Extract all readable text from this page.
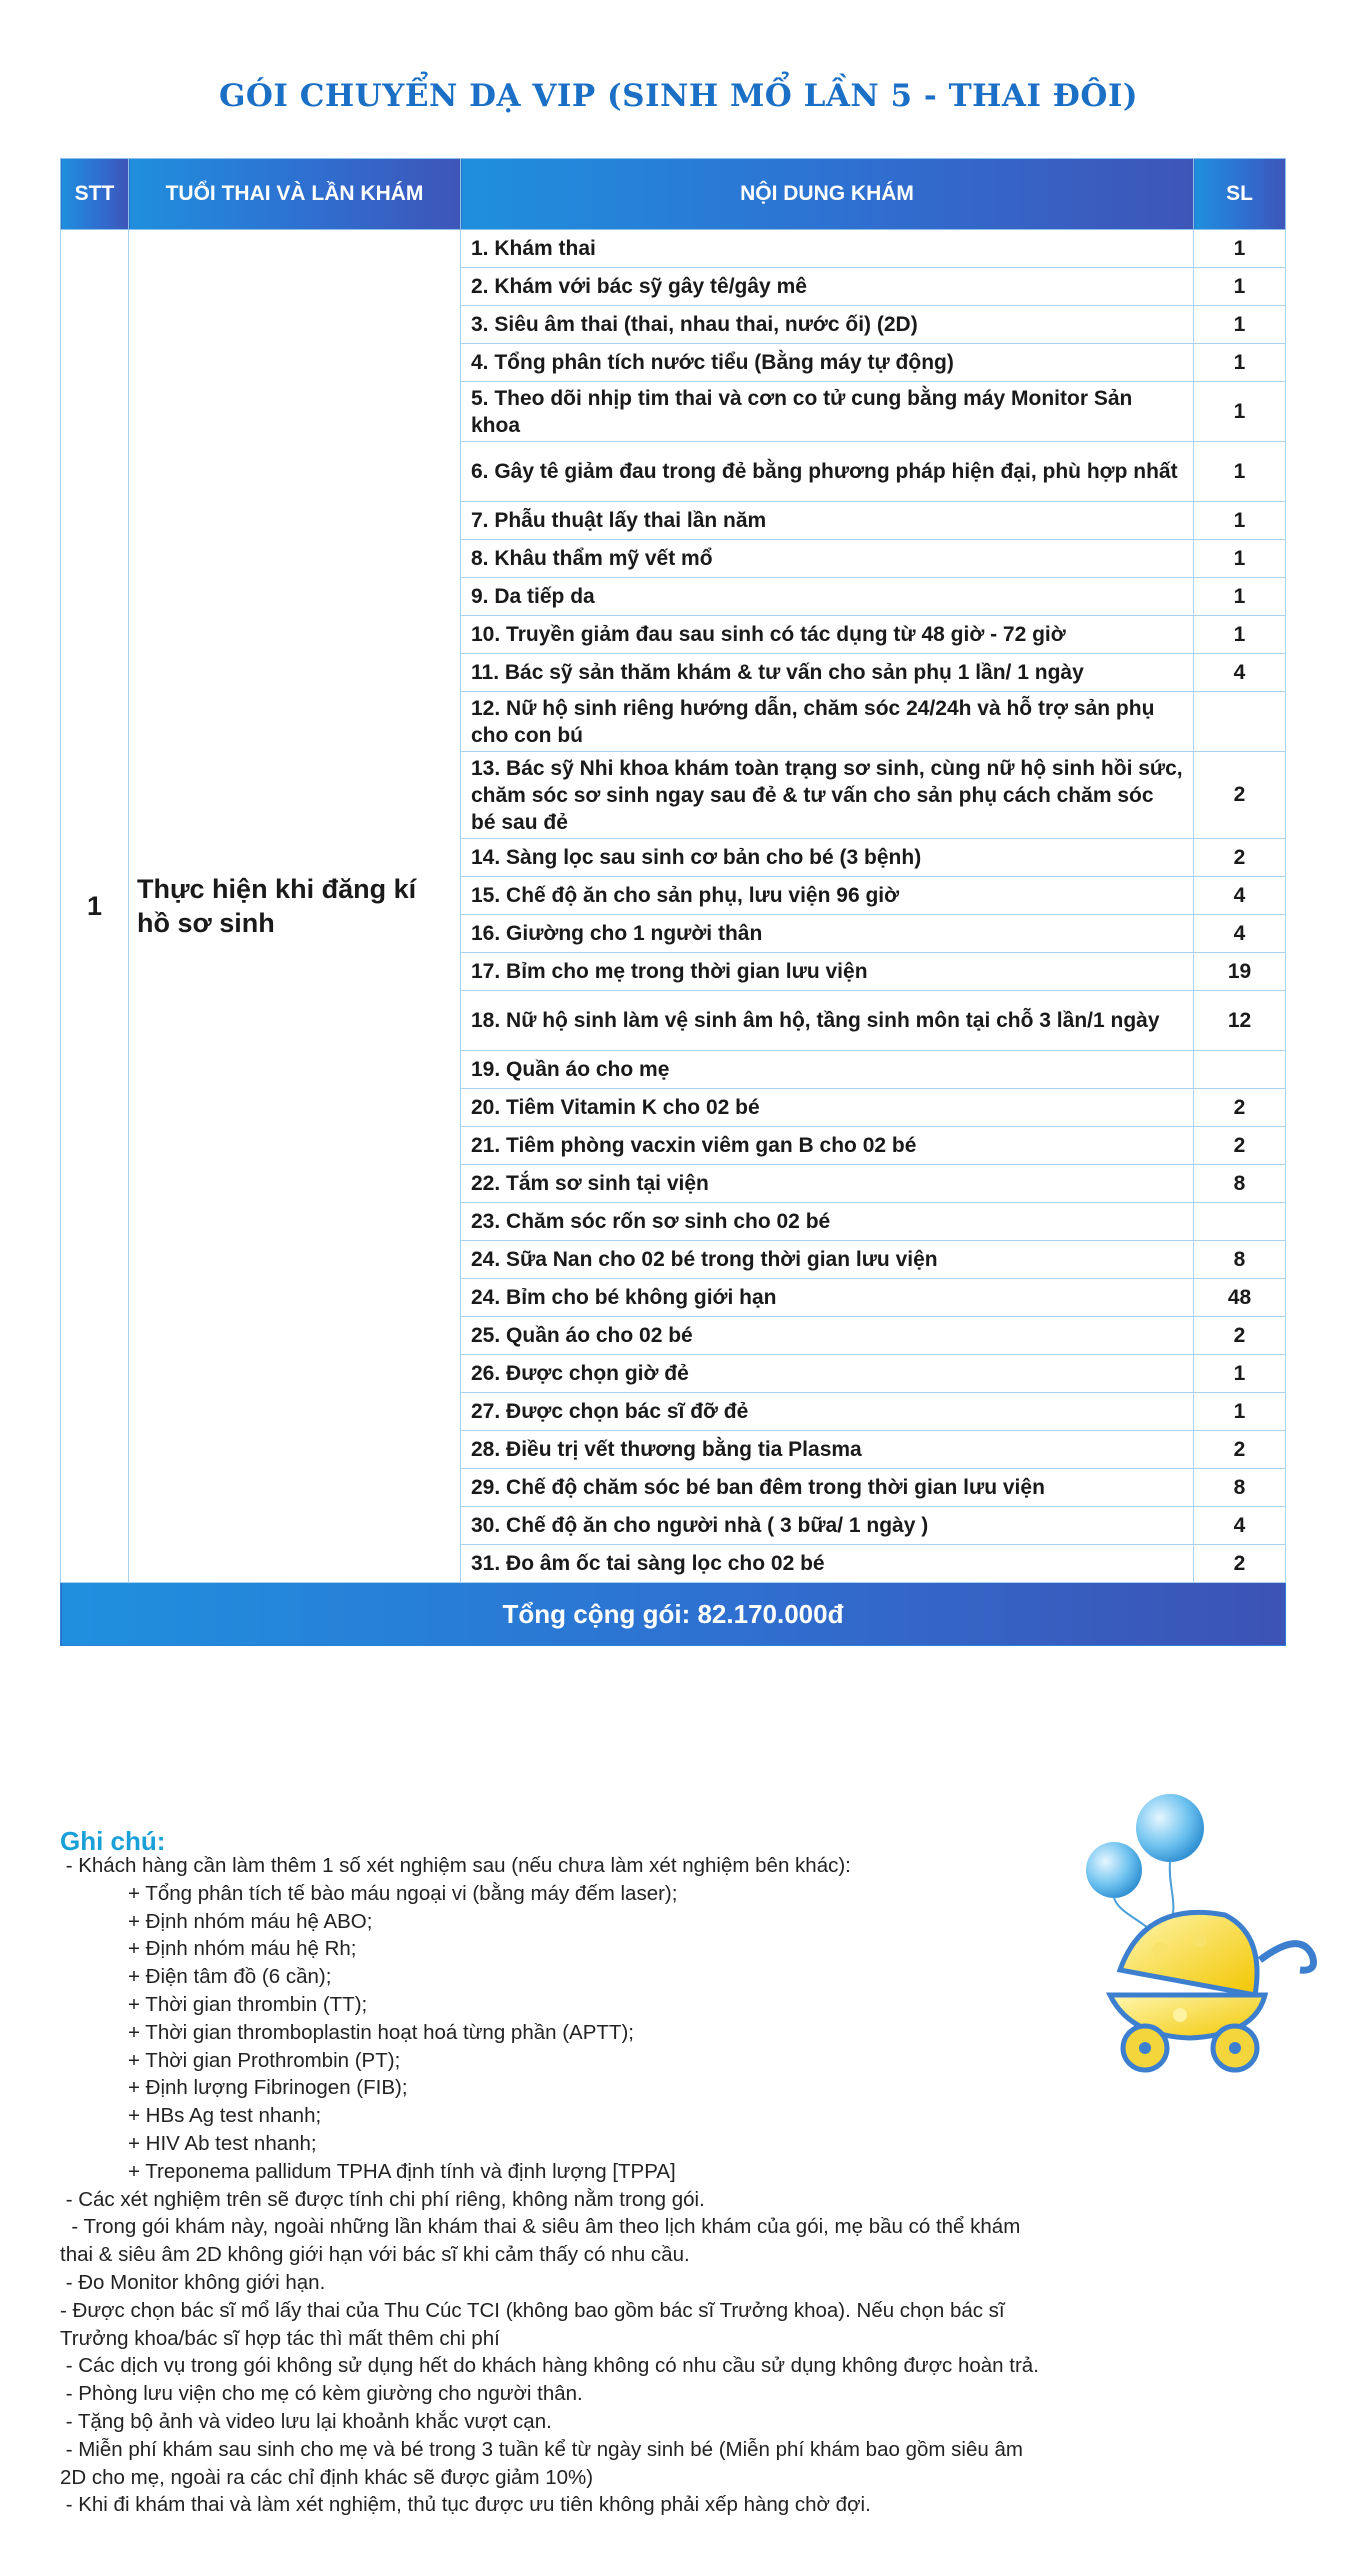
GÓI CHUYỂN DẠ VIP (SINH MỔ LẦN 5 - THAI ĐÔI)
STT	TUỔI THAI VÀ LẦN KHÁM	NỘI DUNG KHÁM	SL
1	Thực hiện khi đăng kí hồ sơ sinh	1. Khám thai	1
		2. Khám với bác sỹ gây tê/gây mê	1
		3. Siêu âm thai (thai, nhau thai, nước ối) (2D)	1
		4. Tổng phân tích nước tiểu (Bằng máy tự động)	1
		5. Theo dõi nhịp tim thai và cơn co tử cung bằng máy Monitor Sản khoa	1
		6. Gây tê giảm đau trong đẻ bằng phương pháp hiện đại, phù hợp nhất	1
		7. Phẫu thuật lấy thai lần năm	1
		8. Khâu thẩm mỹ vết mổ	1
		9. Da tiếp da	1
		10. Truyền giảm đau sau sinh có tác dụng từ 48 giờ - 72 giờ	1
		11. Bác sỹ sản thăm khám & tư vấn cho sản phụ 1 lần/ 1 ngày	4
		12. Nữ hộ sinh riêng hướng dẫn, chăm sóc 24/24h và hỗ trợ sản phụ cho con bú	
		13. Bác sỹ Nhi khoa khám toàn trạng sơ sinh, cùng nữ hộ sinh hồi sức, chăm sóc sơ sinh ngay sau đẻ & tư vấn cho sản phụ cách chăm sóc bé sau đẻ	2
		14. Sàng lọc sau sinh cơ bản cho bé (3 bệnh)	2
		15. Chế độ ăn cho sản phụ, lưu viện 96 giờ	4
		16. Giường cho 1 người thân	4
		17. Bỉm cho mẹ trong thời gian lưu viện	19
		18. Nữ hộ sinh làm vệ sinh âm hộ, tầng sinh môn tại chỗ 3 lần/1 ngày	12
		19. Quần áo cho mẹ	
		20. Tiêm Vitamin K cho 02 bé	2
		21. Tiêm phòng vacxin viêm gan B cho 02 bé	2
		22. Tắm sơ sinh tại viện	8
		23. Chăm sóc rốn sơ sinh cho 02 bé	
		24. Sữa Nan cho 02 bé trong thời gian lưu viện	8
		24. Bỉm cho bé không giới hạn	48
		25. Quần áo cho 02 bé	2
		26. Được chọn giờ đẻ	1
		27. Được chọn bác sĩ đỡ đẻ	1
		28. Điều trị vết thương bằng tia Plasma	2
		29. Chế độ chăm sóc bé ban đêm trong thời gian lưu viện	8
		30. Chế độ ăn cho người nhà ( 3 bữa/ 1 ngày )	4
		31. Đo âm ốc tai sàng lọc cho 02 bé	2
Tổng cộng gói: 82.170.000đ			
Ghi chú:
- Khách hàng cần làm thêm 1 số xét nghiệm sau (nếu chưa làm xét nghiệm bên khác):
+ Tổng phân tích tế bào máu ngoại vi (bằng máy đếm laser);
+ Định nhóm máu hệ ABO;
+ Định nhóm máu hệ Rh;
+ Điện tâm đồ (6 cần);
+ Thời gian thrombin (TT);
+ Thời gian thromboplastin hoạt hoá từng phần (APTT);
+ Thời gian Prothrombin (PT);
+ Định lượng Fibrinogen (FIB);
+ HBs Ag test nhanh;
+ HIV Ab test nhanh;
+ Treponema pallidum TPHA định tính và định lượng [TPPA]
- Các xét nghiệm trên sẽ được tính chi phí riêng, không nằm trong gói.
- Trong gói khám này, ngoài những lần khám thai & siêu âm theo lịch khám của gói, mẹ bầu có thể khám
thai & siêu âm 2D không giới hạn với bác sĩ khi cảm thấy có nhu cầu.
- Đo Monitor không giới hạn.
- Được chọn bác sĩ mổ lấy thai của Thu Cúc TCI (không bao gồm bác sĩ Trưởng khoa). Nếu chọn bác sĩ
Trưởng khoa/bác sĩ hợp tác thì mất thêm chi phí
- Các dịch vụ trong gói không sử dụng hết do khách hàng không có nhu cầu sử dụng không được hoàn trả.
- Phòng lưu viện cho mẹ có kèm giường cho người thân.
- Tặng bộ ảnh và video lưu lại khoảnh khắc vượt cạn.
- Miễn phí khám sau sinh cho mẹ và bé trong 3 tuần kể từ ngày sinh bé (Miễn phí khám bao gồm siêu âm
2D cho mẹ, ngoài ra các chỉ định khác sẽ được giảm 10%)
- Khi đi khám thai và làm xét nghiệm, thủ tục được ưu tiên không phải xếp hàng chờ đợi.
